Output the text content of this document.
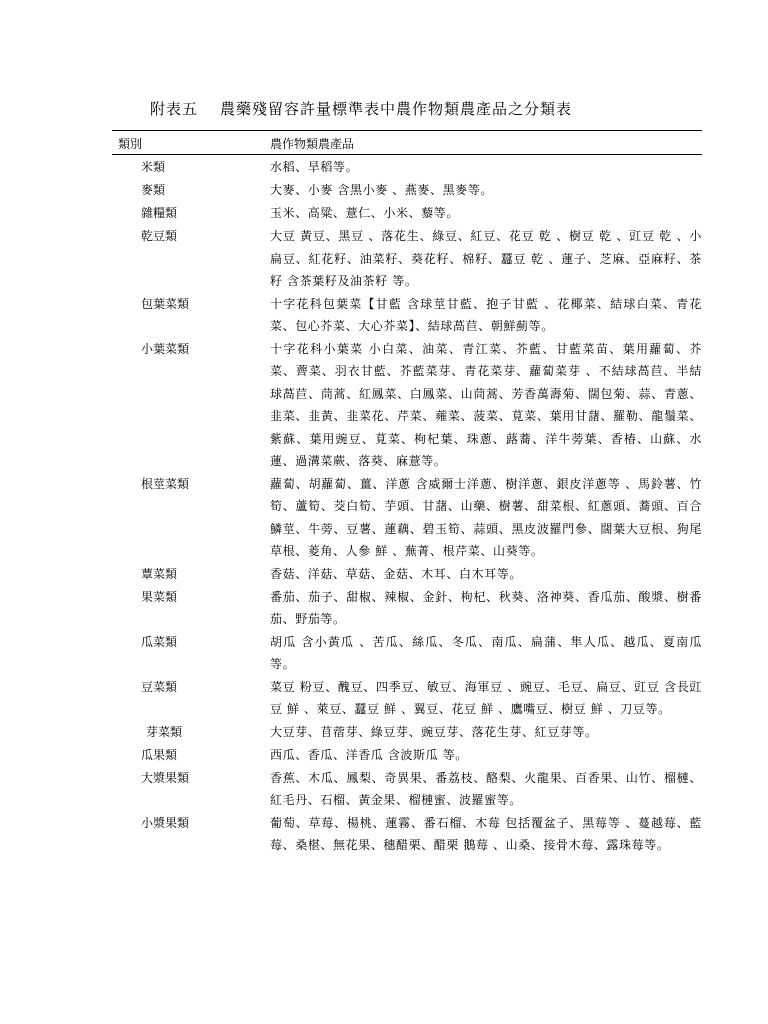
附表五 農藥殘留容許量標準表中農作物類農產品之分類表
類別	農作物類農產品
米類	水稻、旱稻等。
麥類	大麥、小麥 含黑小麥 、燕麥、黑麥等。
雜糧類	玉米、高粱、薏仁、小米、藜等。
乾豆類	大豆 黃豆、黑豆 、落花生、綠豆、紅豆、花豆 乾 、樹豆 乾 、豇豆 乾 、小扁豆、紅花籽、油菜籽、葵花籽、棉籽、蠶豆 乾 、蓮子、芝麻、亞麻籽、茶籽 含茶葉籽及油茶籽 等。
包葉菜類	十字花科包葉菜【甘藍 含球莖甘藍、抱子甘藍 、花椰菜、結球白菜、青花菜、包心芥菜、大心芥菜】、結球萵苣、朝鮮薊等。
小葉菜類	十字花科小葉菜 小白菜、油菜、青江菜、芥藍、甘藍菜苗、葉用蘿蔔、芥菜、薺菜、羽衣甘藍、芥藍菜芽、青花菜芽、蘿蔔菜芽 、不結球萵苣、半結球萵苣、茼蒿、紅鳳菜、白鳳菜、山茼蒿、芳香萬壽菊、闊包菊、蒜、青蔥、韭菜、韭黃、韭菜花、芹菜、蕹菜、菠菜、莧菜、葉用甘藷、羅勒、龍鬚菜、紫蘇、葉用豌豆、莧菜、枸杞葉、珠蔥、蕗蕎、洋牛蒡葉、香椿、山蘇、水蓮、過溝菜蕨、落葵、麻薏等。
根莖菜類	蘿蔔、胡蘿蔔、薑、洋蔥 含威爾士洋蔥、樹洋蔥、銀皮洋蔥等 、馬鈴薯、竹筍、蘆筍、茭白筍、芋頭、甘藷、山藥、樹薯、甜菜根、紅蔥頭、蕎頭、百合鱗莖、牛蒡、豆薯、蓮藕、碧玉筍、蒜頭、黑皮波羅門參、闊葉大豆根、狗尾草根、菱角、人參 鮮 、蕪菁、根芹菜、山葵等。
蕈菜類	香菇、洋菇、草菇、金菇、木耳、白木耳等。
果菜類	番茄、茄子、甜椒、辣椒、金針、枸杞、秋葵、洛神葵、香瓜茄、酸漿、樹番茄、野茄等。
瓜菜類	胡瓜 含小黃瓜 、苦瓜、絲瓜、冬瓜、南瓜、扁蒲、隼人瓜、越瓜、夏南瓜等。
豆菜類	菜豆 粉豆、醜豆、四季豆、敏豆、海軍豆 、豌豆、毛豆、扁豆、豇豆 含長豇豆 鮮 、萊豆、蠶豆 鮮 、翼豆、花豆 鮮 、鷹嘴豆、樹豆 鮮 、刀豆等。
芽菜類	大豆芽、苜蓿芽、綠豆芽、豌豆芽、落花生芽、紅豆芽等。
瓜果類	西瓜、香瓜、洋香瓜 含波斯瓜 等。
大漿果類	香蕉、木瓜、鳳梨、奇異果、番荔枝、酪梨、火龍果、百香果、山竹、榴槤、紅毛丹、石榴、黃金果、榴槤蜜、波羅蜜等。
小漿果類	葡萄、草莓、楊桃、蓮霧、番石榴、木莓 包括覆盆子、黑莓等 、蔓越莓、藍莓、桑椹、無花果、穗醋栗、醋栗 鵝莓 、山桑、接骨木莓、露珠莓等。
